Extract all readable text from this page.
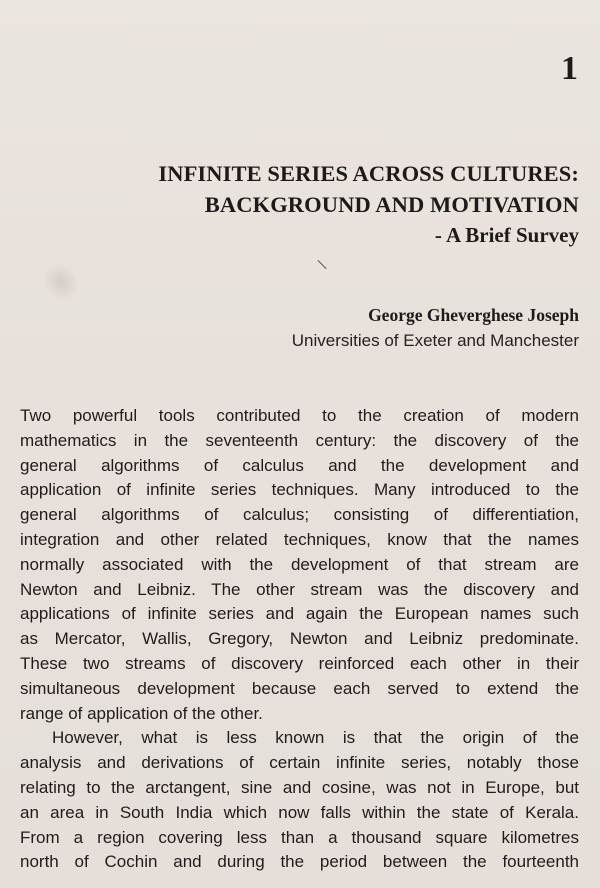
1
INFINITE SERIES ACROSS CULTURES:
BACKGROUND AND MOTIVATION
- A Brief Survey
George Gheverghese Joseph
Universities of Exeter and Manchester
Two powerful tools contributed to the creation of modern
mathematics in the seventeenth century: the discovery of the
general algorithms of calculus and the development and
application of infinite series techniques. Many introduced to the
general algorithms of calculus; consisting of differentiation,
integration and other related techniques, know that the names
normally associated with the development of that stream are
Newton and Leibniz. The other stream was the discovery and
applications of infinite series and again the European names such
as Mercator, Wallis, Gregory, Newton and Leibniz predominate.
These two streams of discovery reinforced each other in their
simultaneous development because each served to extend the
range of application of the other.
However, what is less known is that the origin of the
analysis and derivations of certain infinite series, notably those
relating to the arctangent, sine and cosine, was not in Europe, but
an area in South India which now falls within the state of Kerala.
From a region covering less than a thousand square kilometres
north of Cochin and during the period between the fourteenth
